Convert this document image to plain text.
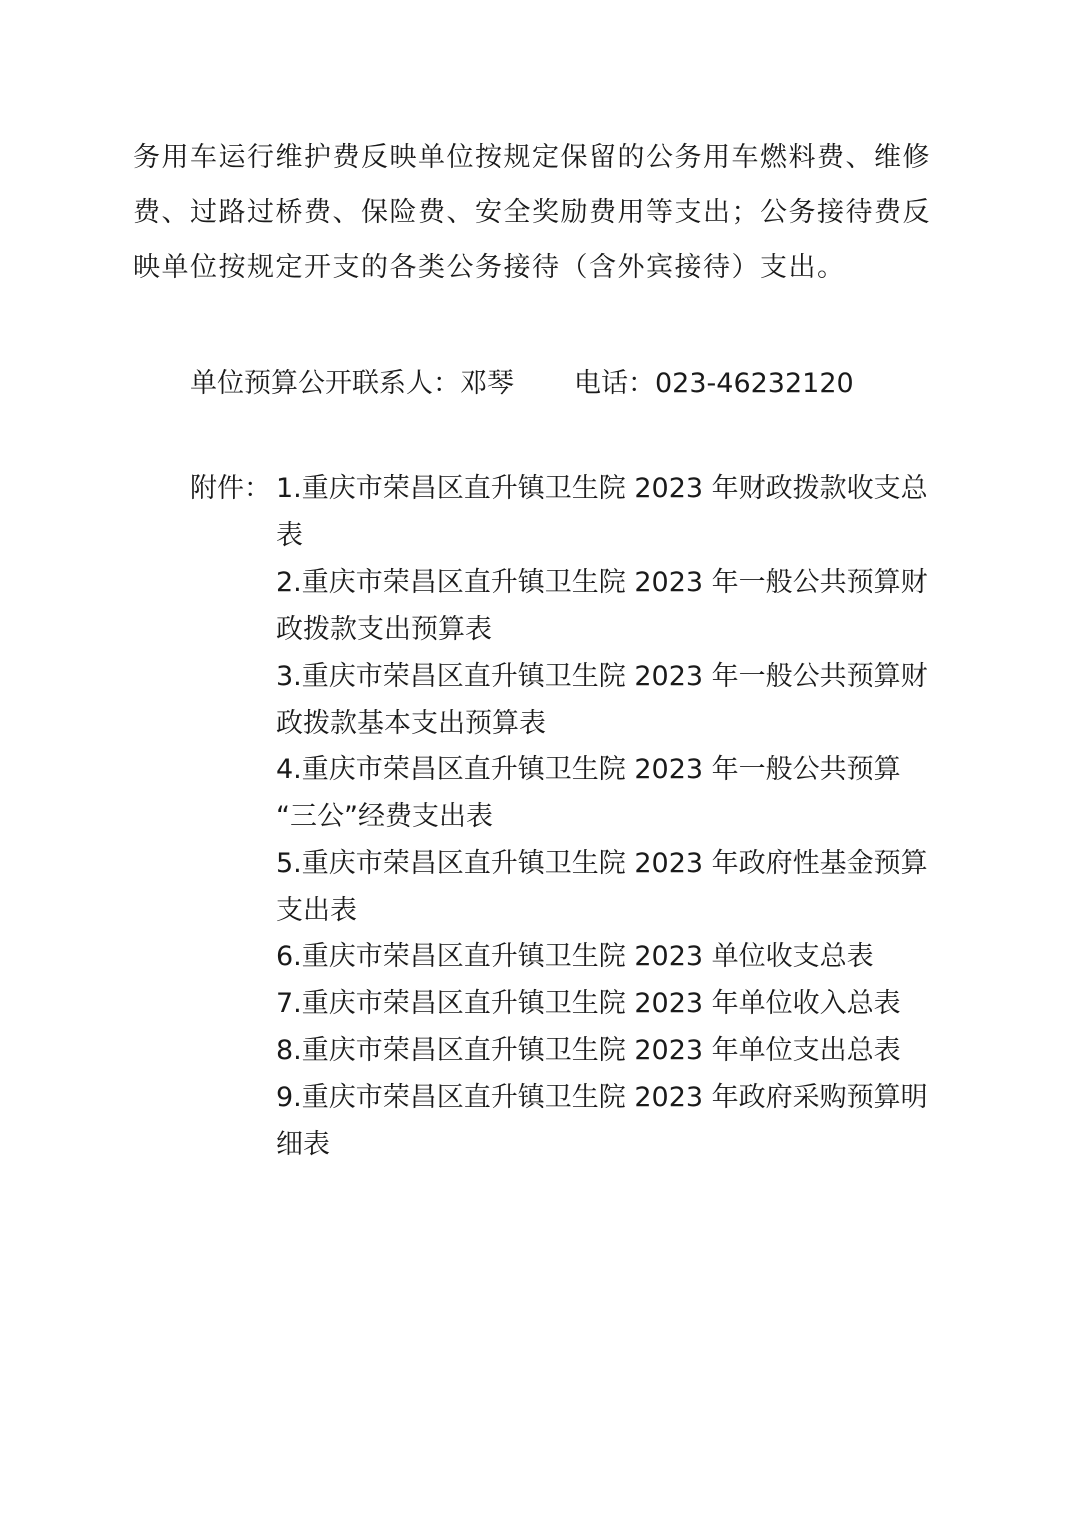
务用车运行维护费反映单位按规定保留的公务用车燃料费、维修
费、过路过桥费、保险费、安全奖励费用等支出；公务接待费反
映单位按规定开支的各类公务接待（含外宾接待）支出。
单位预算公开联系人：邓琴 电话：023-46232120
附件： 1.重庆市荣昌区直升镇卫生院 2023 年财政拨款收支总
表
2.重庆市荣昌区直升镇卫生院 2023 年一般公共预算财
政拨款支出预算表
3.重庆市荣昌区直升镇卫生院 2023 年一般公共预算财
政拨款基本支出预算表
4.重庆市荣昌区直升镇卫生院 2023 年一般公共预算
“三公”经费支出表
5.重庆市荣昌区直升镇卫生院 2023 年政府性基金预算
支出表
6.重庆市荣昌区直升镇卫生院 2023 单位收支总表
7.重庆市荣昌区直升镇卫生院 2023 年单位收入总表
8.重庆市荣昌区直升镇卫生院 2023 年单位支出总表
9.重庆市荣昌区直升镇卫生院 2023 年政府采购预算明
细表
